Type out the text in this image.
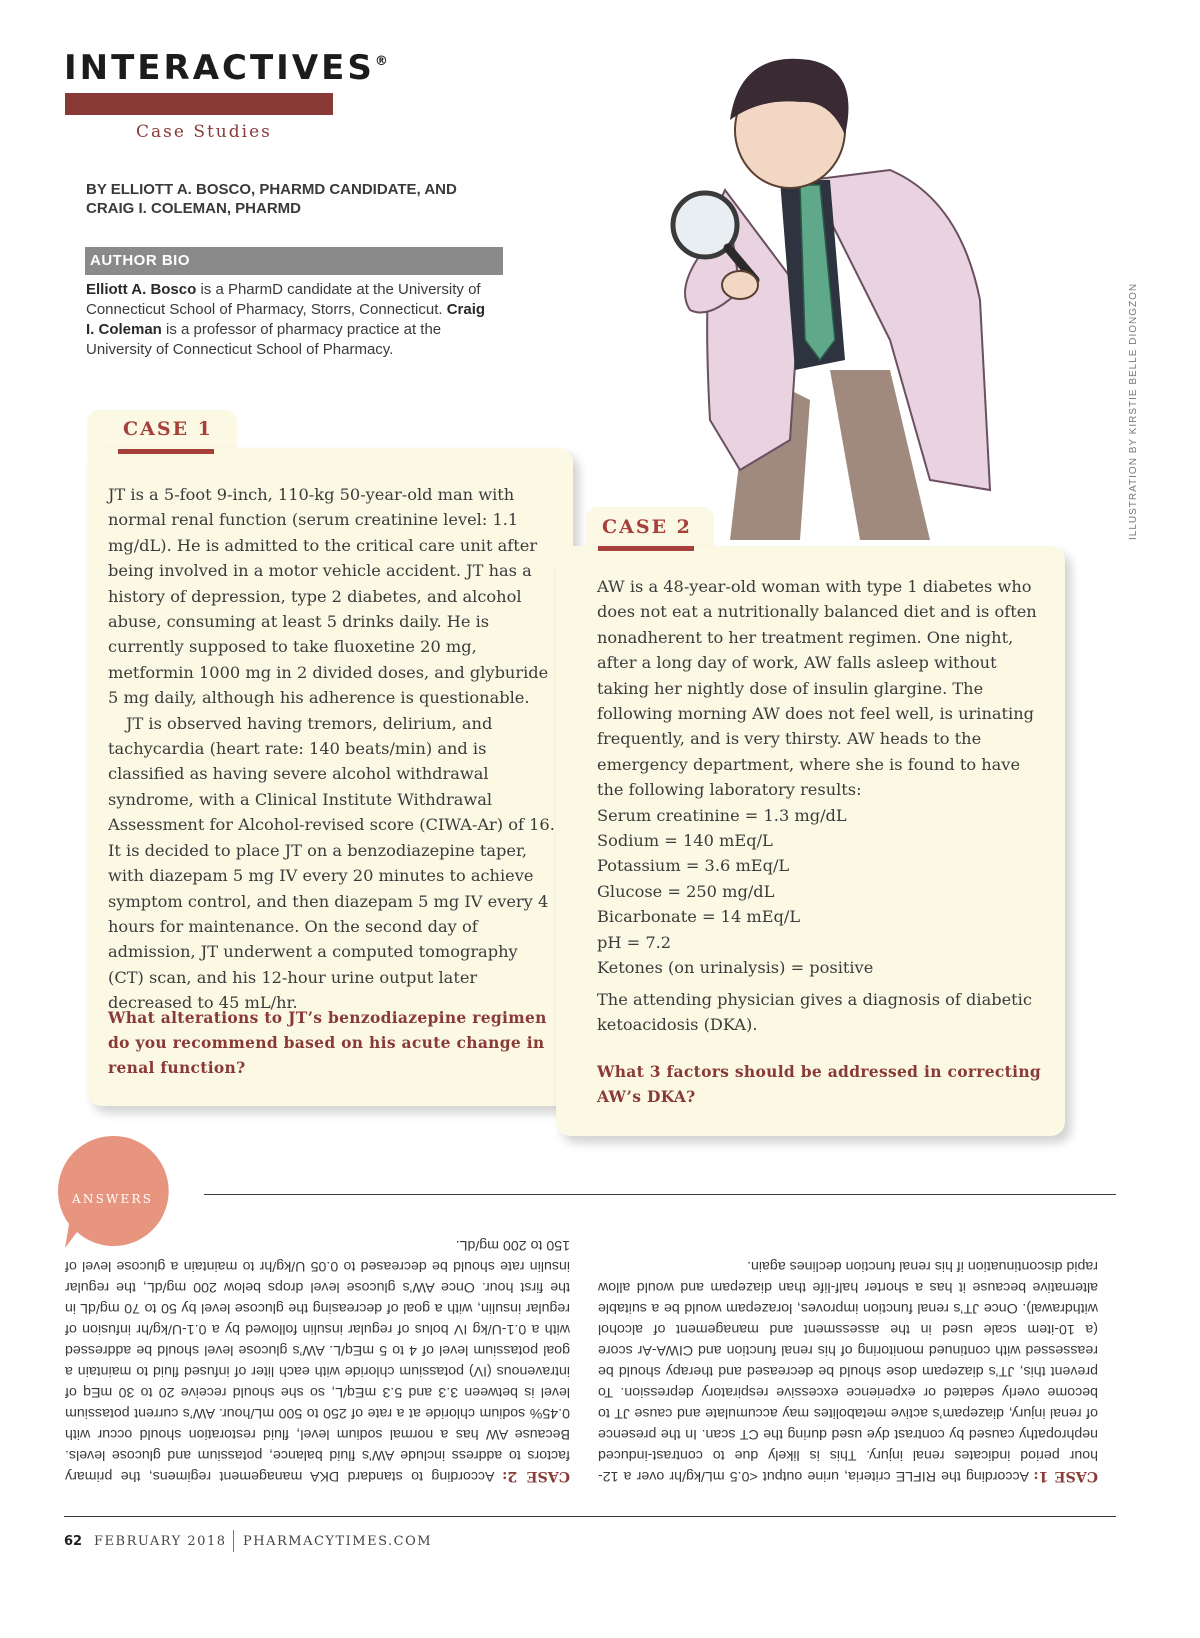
INTERACTIVES®
Case Studies
BY ELLIOTT A. BOSCO, PHARMD CANDIDATE, AND
CRAIG I. COLEMAN, PHARMD
AUTHOR BIO
Elliott A. Bosco is a PharmD candidate at the University of Connecticut School of Pharmacy, Storrs, Connecticut. Craig I. Coleman is a professor of pharmacy practice at the University of Connecticut School of Pharmacy.	ILLUSTRATION BY KIRSTIE BELLE DIONGZON
CASE 1

JT is a 5-foot 9-inch, 110-kg 50-year-old man with normal renal function (serum creatinine level: 1.1 mg/dL). He is admitted to the critical care unit after being involved in a motor vehicle accident. JT has a history of depression, type 2 diabetes, and alcohol abuse, consuming at least 5 drinks daily. He is currently supposed to take fluoxetine 20 mg, metformin 1000 mg in 2 divided doses, and glyburide 5 mg daily, although his adherence is questionable.

JT is observed having tremors, delirium, and tachycardia (heart rate: 140 beats/min) and is classified as having severe alcohol withdrawal syndrome, with a Clinical Institute Withdrawal Assessment for Alcohol-revised score (CIWA-Ar) of 16. It is decided to place JT on a benzodiazepine taper, with diazepam 5 mg IV every 20 minutes to achieve symptom control, and then diazepam 5 mg IV every 4 hours for maintenance. On the second day of admission, JT underwent a computed tomography (CT) scan, and his 12-hour urine output later decreased to 45 mL/hr.

What alterations to JT’s benzodiazepine regimen do you recommend based on his acute change in renal function?
CASE 2

AW is a 48-year-old woman with type 1 diabetes who does not eat a nutritionally balanced diet and is often nonadherent to her treatment regimen. One night, after a long day of work, AW falls asleep without taking her nightly dose of insulin glargine. The following morning AW does not feel well, is urinating frequently, and is very thirsty. AW heads to the emergency department, where she is found to have the following laboratory results:

Serum creatinine = 1.3 mg/dL
Sodium = 140 mEq/L
Potassium = 3.6 mEq/L
Glucose = 250 mg/dL
Bicarbonate = 14 mEq/L
pH = 7.2
Ketones (on urinalysis) = positive

The attending physician gives a diagnosis of diabetic ketoacidosis (DKA).

What 3 factors should be addressed in correcting AW’s DKA?
ANSWERS
CASE 2: According to standard DKA management regimens, the primary factors to address include AW’s fluid balance, potassium and glucose levels. Because AW has a normal sodium level, fluid restoration should occur with 0.45% sodium chloride at a rate of 250 to 500 mL/hour. AW’s current potassium level is between 3.3 and 5.3 mEq/L, so she should receive 20 to 30 mEq of intravenous (IV) potassium chloride with each liter of infused fluid to maintain a goal potassium level of 4 to 5 mEq/L. AW’s glucose level should be addressed with a 0.1-U/kg IV bolus of regular insulin followed by a 0.1-U/kg/hr infusion of regular insulin, with a goal of decreasing the glucose level by 50 to 70 mg/dL in the first hour. Once AW’s glucose level drops below 200 mg/dL, the regular insulin rate should be decreased to 0.05 U/kg/hr to maintain a glucose level of 150 to 200 mg/dL.
CASE 1: According the RIFLE criteria, urine output <0.5 mL/kg/hr over a 12-hour period indicates renal injury. This is likely due to contrast-induced nephropathy caused by contrast dye used during the CT scan. In the presence of renal injury, diazepam’s active metabolites may accumulate and cause JT to become overly sedated or experience excessive respiratory depression. To prevent this, JT’s diazepam dose should be decreased and therapy should be reassessed with continued monitoring of his renal function and CIWA-Ar score (a 10-item scale used in the assessment and management of alcohol withdrawal). Once JT’s renal function improves, lorazepam would be a suitable alternative because it has a shorter half-life than diazepam and would allow rapid discontinuation if his renal function declines again.
62 FEBRUARY 2018 PHARMACYTIMES.COM
